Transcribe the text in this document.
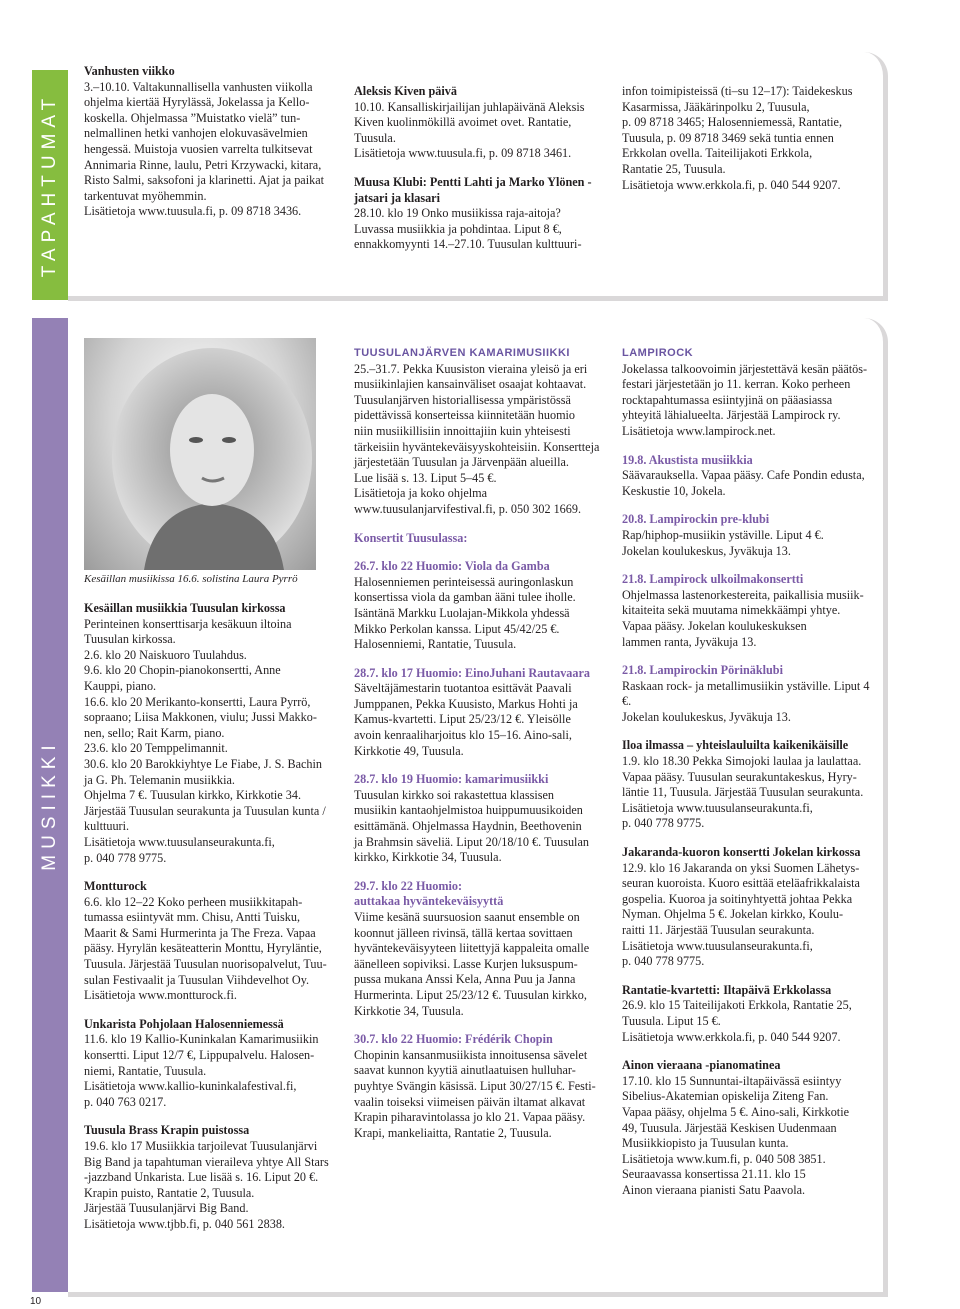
TAPAHTUMAT
MUSIIKKI

Vanhusten viikko

3.–10.10. Valtakunnallisella vanhusten viikolla

ohjelma kiertää Hyrylässä, Jokelassa ja Kello-

koskella. Ohjelmassa ”Muistatko vielä” tun-

nelmallinen hetki vanhojen elokuvasävelmien

hengessä. Muistoja vuosien varrelta tulkitsevat

Annimaria Rinne, laulu, Petri Krzywacki, kitara,

Risto Salmi, saksofoni ja klarinetti. Ajat ja paikat

tarkentuvat myöhemmin.

Lisätietoja www.tuusula.fi, p. 09 8718 3436.

Aleksis Kiven päivä

10.10. Kansalliskirjailijan juhlapäivänä Aleksis

Kiven kuolinmökillä avoimet ovet. Rantatie,

Tuusula.

Lisätietoja www.tuusula.fi, p. 09 8718 3461.

Muusa Klubi: Pentti Lahti ja Marko Ylönen -

jatsari ja klasari

28.10. klo 19 Onko musiikissa raja-aitoja?

Luvassa musiikkia ja pohdintaa. Liput 8 €,

ennakkomyynti 14.–27.10. Tuusulan kulttuuri-

infon toimipisteissä (ti–su 12–17): Taidekeskus

Kasarmissa, Jääkärinpolku 2, Tuusula,

p. 09 8718 3465; Halosenniemessä, Rantatie,

Tuusula, p. 09 8718 3469 sekä tuntia ennen

Erkkolan ovella. Taiteilijakoti Erkkola,

Rantatie 25, Tuusula.

Lisätietoja www.erkkola.fi, p. 040 544 9207.

Kesäillan musiikissa 16.6. solistina Laura Pyrrö

Kesäillan musiikkia Tuusulan kirkossa

Perinteinen konserttisarja kesäkuun iltoina

Tuusulan kirkossa.

2.6. klo 20 Naiskuoro Tuulahdus.

9.6. klo 20 Chopin-pianokonsertti, Anne

Kauppi, piano.

16.6. klo 20 Merikanto-konsertti, Laura Pyrrö,

sopraano; Liisa Makkonen, viulu; Jussi Makko-

nen, sello; Rait Karm, piano.

23.6. klo 20 Temppelimannit.

30.6. klo 20 Barokkiyhtye Le Fiabe, J. S. Bachin

ja G. Ph. Telemanin musiikkia.

Ohjelma 7 €. Tuusulan kirkko, Kirkkotie 34.

Järjestää Tuusulan seurakunta ja Tuusulan kunta /

kulttuuri.

Lisätietoja www.tuusulanseurakunta.fi,

p. 040 778 9775.

Montturock

6.6. klo 12–22 Koko perheen musiikkitapah-

tumassa esiintyvät mm. Chisu, Antti Tuisku,

Maarit & Sami Hurmerinta ja The Freza. Vapaa

pääsy. Hyrylän kesäteatterin Monttu, Hyryläntie,

Tuusula. Järjestää Tuusulan nuorisopalvelut, Tuu-

sulan Festivaalit ja Tuusulan Viihdevelhot Oy.

Lisätietoja www.montturock.fi.

Unkarista Pohjolaan Halosenniemessä

11.6. klo 19 Kallio-Kuninkalan Kamarimusiikin

konsertti. Liput 12/7 €, Lippupalvelu. Halosen-

niemi, Rantatie, Tuusula.

Lisätietoja www.kallio-kuninkalafestival.fi,

p. 040 763 0217.

Tuusula Brass Krapin puistossa

19.6. klo 17 Musiikkia tarjoilevat Tuusulanjärvi

Big Band ja tapahtuman vieraileva yhtye All Stars

-jazzband Unkarista. Lue lisää s. 16. Liput 20 €.

Krapin puisto, Rantatie 2, Tuusula.

Järjestää Tuusulanjärvi Big Band.

Lisätietoja www.tjbb.fi, p. 040 561 2838.

TUUSULANJÄRVEN KAMARIMUSIIKKI

25.–31.7. Pekka Kuusiston vieraina yleisö ja eri

musiikinlajien kansainväliset osaajat kohtaavat.

Tuusulanjärven historiallisessa ympäristössä

pidettävissä konserteissa kiinnitetään huomio

niin musiikillisiin innoittajiin kuin yhteisesti

tärkeisiin hyväntekeväisyyskohteisiin. Konsertteja

järjestetään Tuusulan ja Järvenpään alueilla.

Lue lisää s. 13. Liput 5–45 €.

Lisätietoja ja koko ohjelma

www.tuusulanjarvifestival.fi, p. 050 302 1669.

Konsertit Tuusulassa:

26.7. klo 22 Huomio: Viola da Gamba

Halosenniemen perinteisessä auringonlaskun

konsertissa viola da gamban ääni tulee iholle.

Isäntänä Markku Luolajan-Mikkola yhdessä

Mikko Perkolan kanssa. Liput 45/42/25 €.

Halosenniemi, Rantatie, Tuusula.

28.7. klo 17 Huomio: EinoJuhani Rautavaara

Säveltäjämestarin tuotantoa esittävät Paavali

Jumppanen, Pekka Kuusisto, Markus Hohti ja

Kamus-kvartetti. Liput 25/23/12 €. Yleisölle

avoin kenraaliharjoitus klo 15–16. Aino-sali,

Kirkkotie 49, Tuusula.

28.7. klo 19 Huomio: kamarimusiikki

Tuusulan kirkko soi rakastettua klassisen

musiikin kantaohjelmistoa huippumuusikoiden

esittämänä. Ohjelmassa Haydnin, Beethovenin

ja Brahmsin säveliä. Liput 20/18/10 €. Tuusulan

kirkko, Kirkkotie 34, Tuusula.

29.7. klo 22 Huomio:

auttakaa hyväntekeväisyyttä

Viime kesänä suursuosion saanut ensemble on

koonnut jälleen rivinsä, tällä kertaa sovittaen

hyväntekeväisyyteen liitettyjä kappaleita omalle

äänelleen sopiviksi. Lasse Kurjen luksuspum-

pussa mukana Anssi Kela, Anna Puu ja Janna

Hurmerinta. Liput 25/23/12 €. Tuusulan kirkko,

Kirkkotie 34, Tuusula.

30.7. klo 22 Huomio: Frédérik Chopin

Chopinin kansanmusiikista innoitusensa sävelet

saavat kunnon kyytiä ainutlaatuisen hulluhar-

puyhtye Svängin käsissä. Liput 30/27/15 €. Festi-

vaalin toiseksi viimeisen päivän iltamat alkavat

Krapin piharavintolassa jo klo 21. Vapaa pääsy.

Krapi, mankeliaitta, Rantatie 2, Tuusula.

LAMPIROCK

Jokelassa talkoovoimin järjestettävä kesän päätös-

festari järjestetään jo 11. kerran. Koko perheen

rocktapahtumassa esiintyjinä on pääasiassa

yhteyitä lähialueelta. Järjestää Lampirock ry.

Lisätietoja www.lampirock.net.

19.8. Akustista musiikkia

Säävarauksella. Vapaa pääsy. Cafe Pondin edusta,

Keskustie 10, Jokela.

20.8. Lampirockin pre-klubi

Rap/hiphop-musiikin ystäville. Liput 4 €.

Jokelan koulukeskus, Jyväkuja 13.

21.8. Lampirock ulkoilmakonsertti

Ohjelmassa lastenorkestereita, paikallisia musiik-

kitaiteita sekä muutama nimekkäämpi yhtye.

Vapaa pääsy. Jokelan koulukeskuksen

lammen ranta, Jyväkuja 13.

21.8. Lampirockin Pörinäklubi

Raskaan rock- ja metallimusiikin ystäville. Liput 4 €.

Jokelan koulukeskus, Jyväkuja 13.

Iloa ilmassa – yhteislauluilta kaikenikäisille

1.9. klo 18.30 Pekka Simojoki laulaa ja laulattaa.

Vapaa pääsy. Tuusulan seurakuntakeskus, Hyry-

läntie 11, Tuusula. Järjestää Tuusulan seurakunta.

Lisätietoja www.tuusulanseurakunta.fi,

p. 040 778 9775.

Jakaranda-kuoron konsertti Jokelan kirkossa

12.9. klo 16 Jakaranda on yksi Suomen Lähetys-

seuran kuoroista. Kuoro esittää eteläafrikkalaista

gospelia. Kuoroa ja soitinyhtyettä johtaa Pekka

Nyman. Ohjelma 5 €. Jokelan kirkko, Koulu-

raitti 11. Järjestää Tuusulan seurakunta.

Lisätietoja www.tuusulanseurakunta.fi,

p. 040 778 9775.

Rantatie-kvartetti: Iltapäivä Erkkolassa

26.9. klo 15 Taiteilijakoti Erkkola, Rantatie 25,

Tuusula. Liput 15 €.

Lisätietoja www.erkkola.fi, p. 040 544 9207.

Ainon vieraana -pianomatinea

17.10. klo 15 Sunnuntai-iltapäivässä esiintyy

Sibelius-Akatemian opiskelija Ziteng Fan.

Vapaa pääsy, ohjelma 5 €. Aino-sali, Kirkkotie

49, Tuusula. Järjestää Keskisen Uudenmaan

Musiikkiopisto ja Tuusulan kunta.

Lisätietoja www.kum.fi, p. 040 508 3851.

Seuraavassa konsertissa 21.11. klo 15

Ainon vieraana pianisti Satu Paavola.

10
